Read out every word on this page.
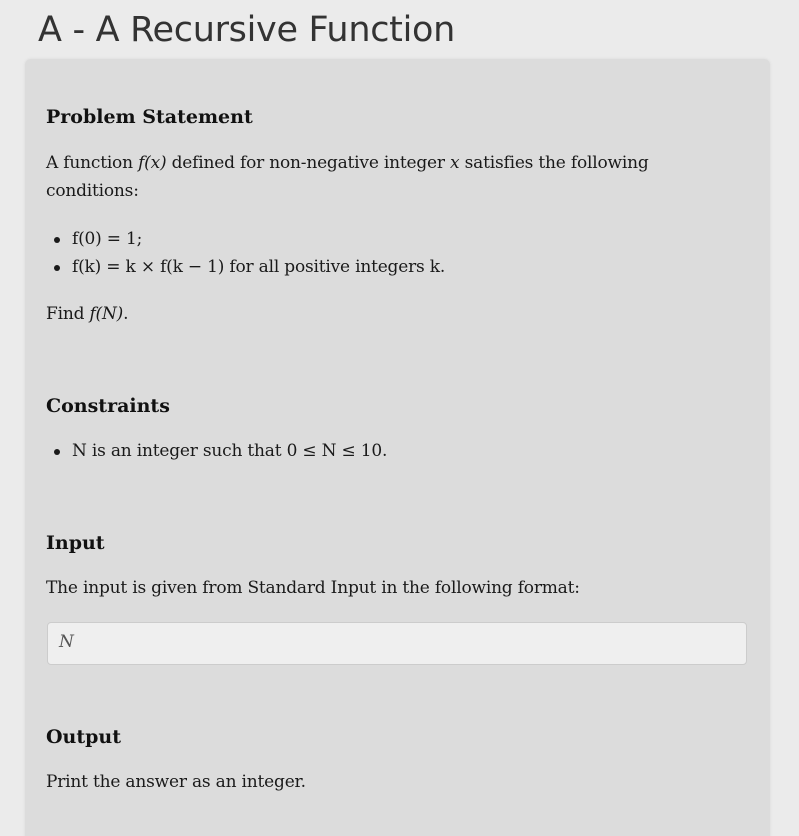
A - A Recursive Function
Problem Statement

A function f(x) defined for non-negative integer x satisfies the following conditions:

f(0) = 1;
f(k) = k × f(k − 1) for all positive integers k.

Find f(N).

Constraints
N is an integer such that 0 ≤ N ≤ 10.
Input

The input is given from Standard Input in the following format:

N
Output

Print the answer as an integer.
